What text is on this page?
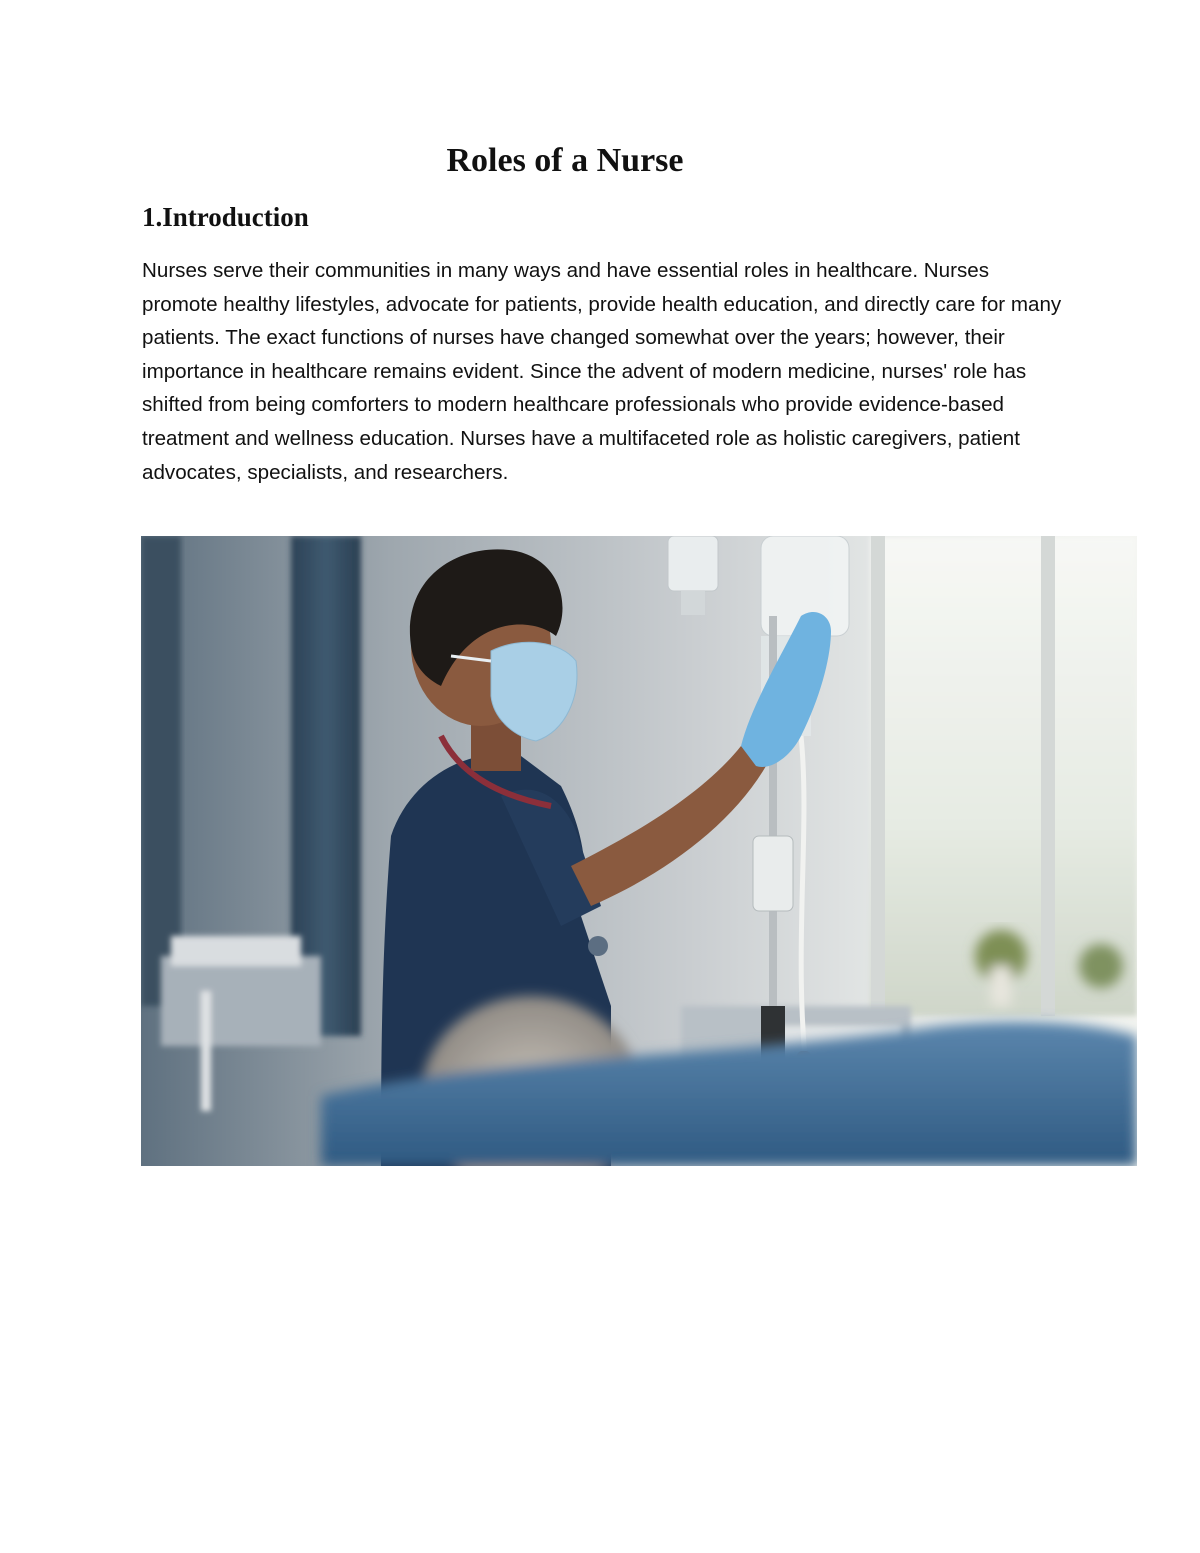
Roles of a Nurse
1.Introduction

Nurses serve their communities in many ways and have essential roles in healthcare. Nurses promote healthy lifestyles, advocate for patients, provide health education, and directly care for many patients. The exact functions of nurses have changed somewhat over the years; however, their importance in healthcare remains evident. Since the advent of modern medicine, nurses' role has shifted from being comforters to modern healthcare professionals who provide evidence-based treatment and wellness education. Nurses have a multifaceted role as holistic caregivers, patient advocates, specialists, and researchers.
